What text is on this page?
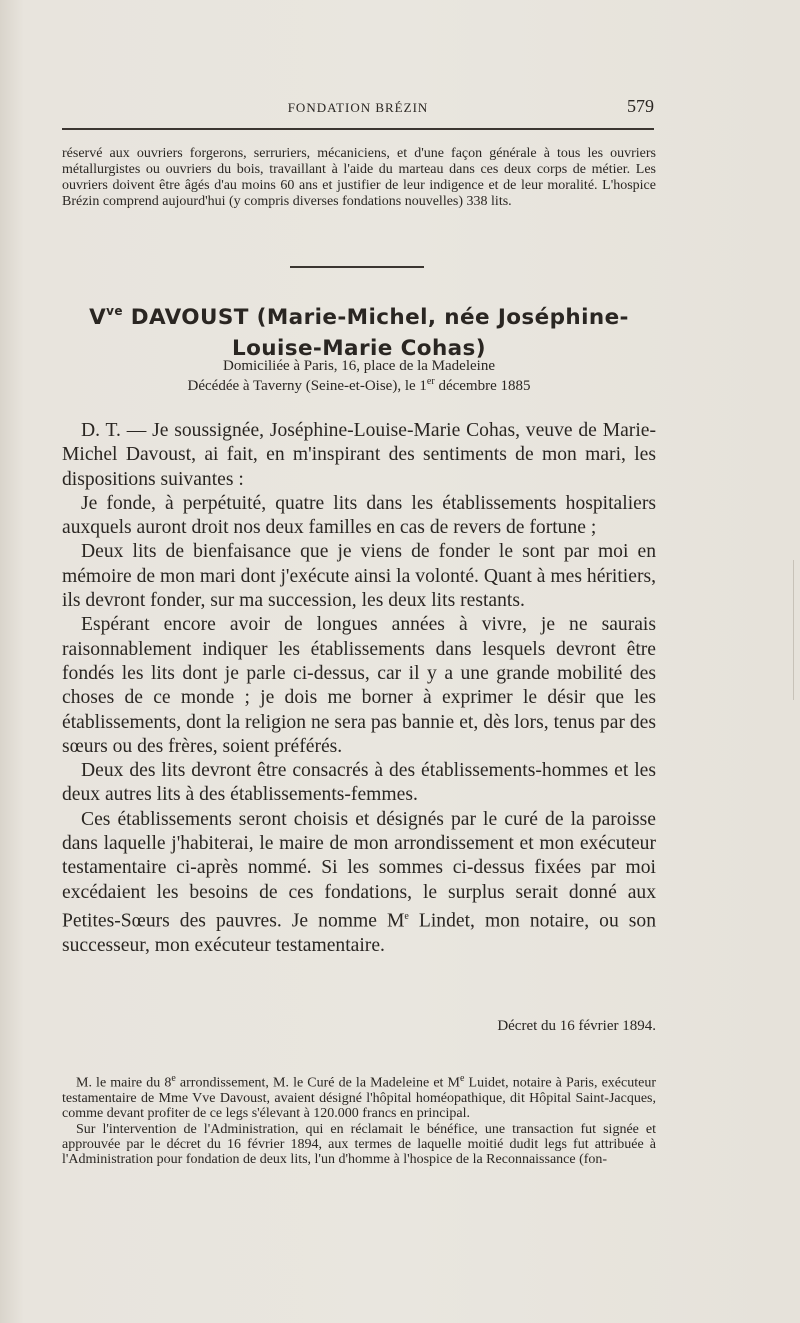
FONDATION BRÉZIN	579

réservé aux ouvriers forgerons, serruriers, mécaniciens, et d'une façon générale à tous les ouvriers métallurgistes ou ouvriers du bois, travaillant à l'aide du marteau dans ces deux corps de métier. Les ouvriers doivent être âgés d'au moins 60 ans et justifier de leur indigence et de leur moralité. L'hospice Brézin comprend aujourd'hui (y compris diverses fondations nouvelles) 338 lits.

$V^{ve}$ DAVOUST (Marie-Michel, née Joséphine-
Louise-Marie Cohas)
Domiciliée à Paris, 16, place de la Madeleine
Décédée à Taverny (Seine-et-Oise), le 1er décembre 1885

D. T. — Je soussignée, Joséphine-Louise-Marie Cohas, veuve de Marie-Michel Davoust, ai fait, en m'inspirant des sentiments de mon mari, les dispositions suivantes :

Je fonde, à perpétuité, quatre lits dans les établissements hospitaliers auxquels auront droit nos deux familles en cas de revers de fortune ;

Deux lits de bienfaisance que je viens de fonder le sont par moi en mémoire de mon mari dont j'exécute ainsi la volonté. Quant à mes héritiers, ils devront fonder, sur ma succession, les deux lits restants.

Espérant encore avoir de longues années à vivre, je ne saurais raisonnablement indiquer les établissements dans lesquels devront être fondés les lits dont je parle ci-dessus, car il y a une grande mobilité des choses de ce monde ; je dois me borner à exprimer le désir que les établissements, dont la religion ne sera pas bannie et, dès lors, tenus par des sœurs ou des frères, soient préférés.

Deux des lits devront être consacrés à des établissements-hommes et les deux autres lits à des établissements-femmes.

Ces établissements seront choisis et désignés par le curé de la paroisse dans laquelle j'habiterai, le maire de mon arrondissement et mon exécuteur testamentaire ci-après nommé. Si les sommes ci-dessus fixées par moi excédaient les besoins de ces fondations, le surplus serait donné aux Petites-Sœurs des pauvres. Je nomme Me Lindet, mon notaire, ou son successeur, mon exécuteur testamentaire.

Décret du 16 février 1894.

M. le maire du 8e arrondissement, M. le Curé de la Madeleine et Me Luidet, notaire à Paris, exécuteur testamentaire de Mme Vve Davoust, avaient désigné l'hôpital homéopathique, dit Hôpital Saint-Jacques, comme devant profiter de ce legs s'élevant à 120.000 francs en principal.

Sur l'intervention de l'Administration, qui en réclamait le bénéfice, une transaction fut signée et approuvée par le décret du 16 février 1894, aux termes de laquelle moitié dudit legs fut attribuée à l'Administration pour fondation de deux lits, l'un d'homme à l'hospice de la Reconnaissance (fon-
